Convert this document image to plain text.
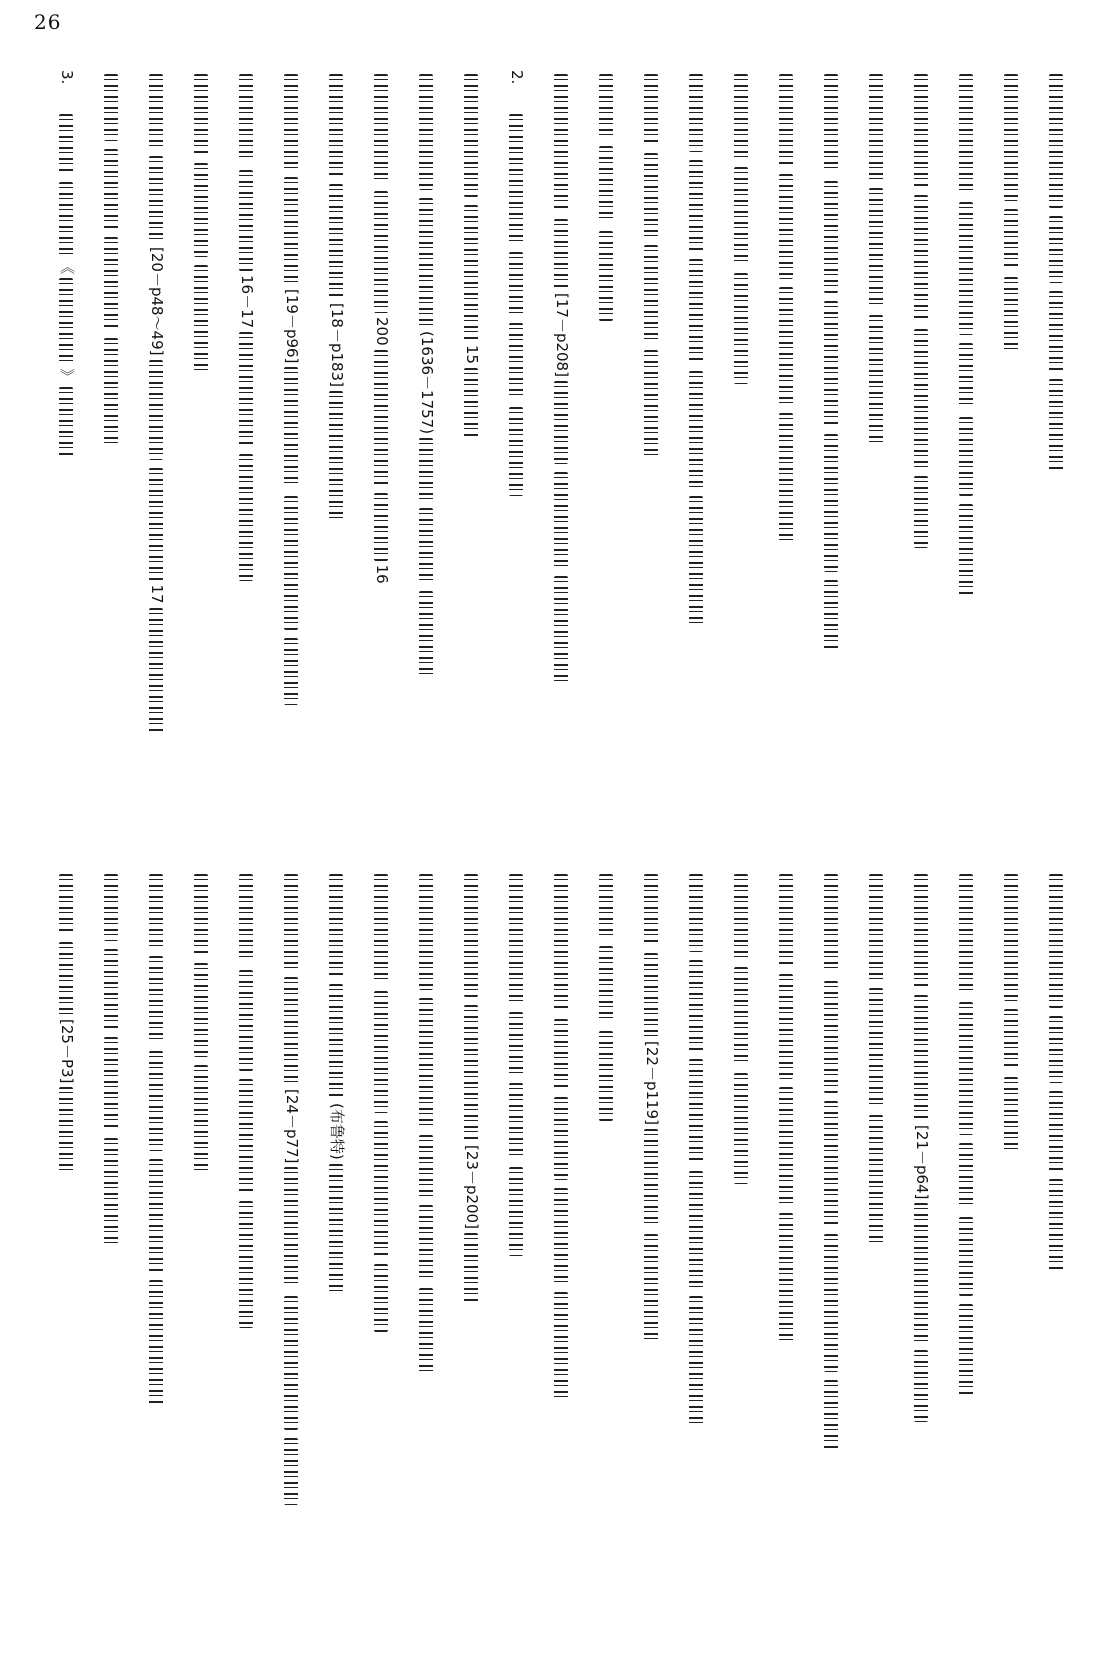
26
3.《》
[20－p48～49]17
16－17	[19－p96]	[18－p183]	20016
(1636－1757)	15
2.
[17－p208]
[25－P3]
[24－p77]	(布鲁特)
[23－p200]
[22－p119]
[21－p64]
